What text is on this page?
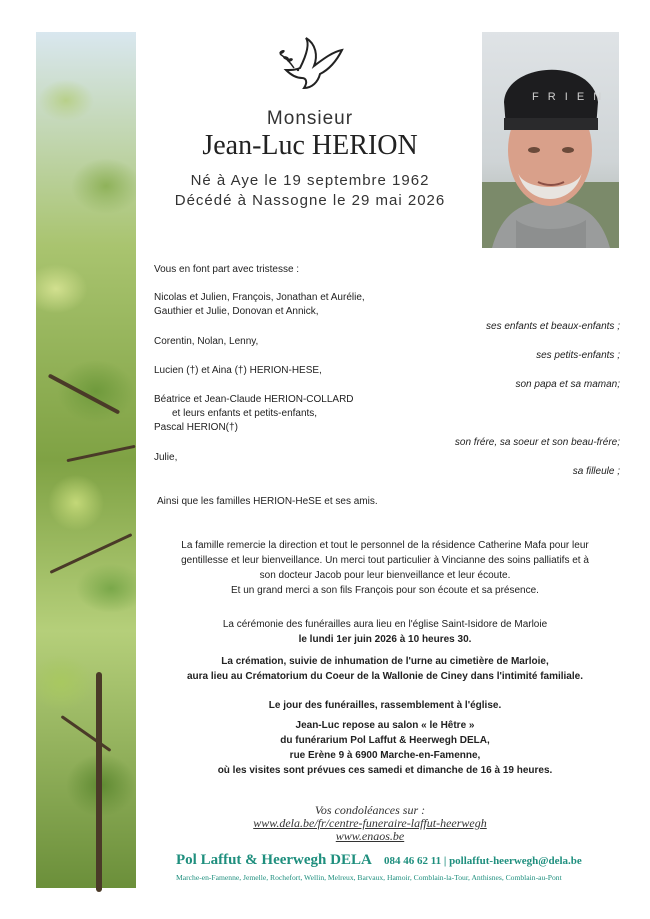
F R I E N
Monsieur
Jean-Luc HERION
Né à Aye le 19 septembre 1962
Décédé à Nassogne le 29 mai 2026
Vous en font part avec tristesse :
Nicolas et Julien, François, Jonathan et Aurélie,
Gauthier et Julie, Donovan et Annick,
ses enfants et beaux-enfants ;
Corentin, Nolan, Lenny,
ses petits-enfants ;
Lucien (†) et Aina (†) HERION-HESE,
son papa et sa maman;
Béatrice et Jean-Claude HERION-COLLARD
et leurs enfants et petits-enfants,
Pascal HERION(†)
son frére, sa soeur et son beau-frére;
Julie,
sa filleule ;
Ainsi que les familles HERION-HeSE et ses amis.
La famille remercie la direction et tout le personnel de la résidence Catherine Mafa pour leur
gentillesse et leur bienveillance. Un merci tout particulier à Vincianne des soins palliatifs et à
son docteur Jacob pour leur bienveillance et leur écoute.
Et un grand merci a son fils François pour son écoute et sa présence.
La cérémonie des funérailles aura lieu en l'église Saint-Isidore de Marloie
le lundi 1er juin 2026 à 10 heures 30.
La crémation, suivie de inhumation de l'urne au cimetière de Marloie,
aura lieu au Crématorium du Coeur de la Wallonie de Ciney dans l'intimité familiale.
Le jour des funérailles, rassemblement à l'église.
Jean-Luc repose au salon « le Hêtre »
du funérarium Pol Laffut & Heerwegh DELA,
rue Erène 9 à 6900 Marche-en-Famenne,
où les visites sont prévues ces samedi et dimanche de 16 à 19 heures.
Vos condoléances sur :
www.dela.be/fr/centre-funeraire-laffut-heerwegh
www.enaos.be
Pol Laffut & Heerwegh DELA 084 46 62 11 | pollaffut-heerwegh@dela.be
Marche-en-Famenne, Jemelle, Rochefort, Wellin, Melreux, Barvaux, Hamoir, Comblain-la-Tour, Anthisnes, Comblain-au-Pont
